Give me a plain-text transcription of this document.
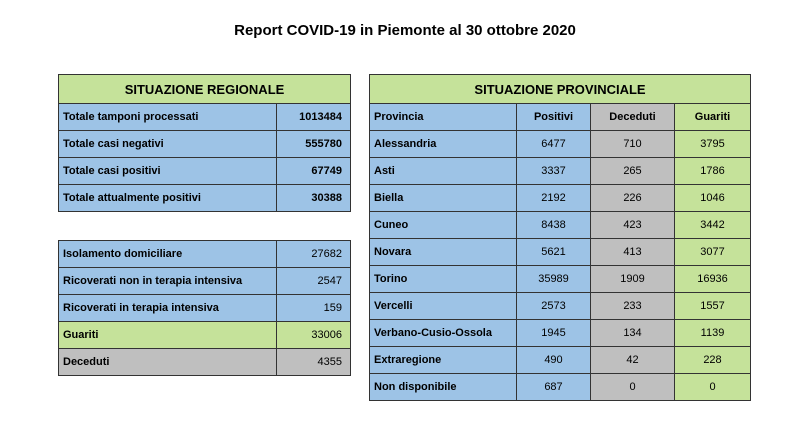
Report COVID-19 in Piemonte al 30 ottobre 2020
SITUAZIONE REGIONALE	
Totale tamponi processati	1013484
Totale casi negativi	555780
Totale casi positivi	67749
Totale attualmente positivi	30388
Isolamento domiciliare	27682
Ricoverati non in terapia intensiva	2547
Ricoverati in terapia intensiva	159
Guariti	33006
Deceduti	4355
SITUAZIONE PROVINCIALE			
Provincia	Positivi	Deceduti	Guariti
Alessandria	6477	710	3795
Asti	3337	265	1786
Biella	2192	226	1046
Cuneo	8438	423	3442
Novara	5621	413	3077
Torino	35989	1909	16936
Vercelli	2573	233	1557
Verbano-Cusio-Ossola	1945	134	1139
Extraregione	490	42	228
Non disponibile	687	0	0
